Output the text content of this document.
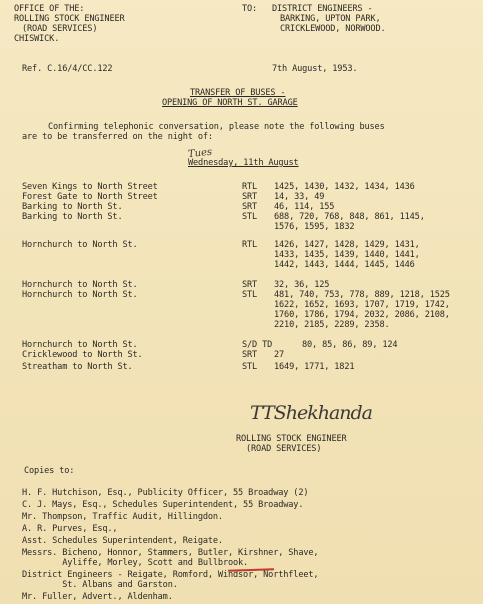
OFFICE OF THE:
ROLLING STOCK ENGINEER
(ROAD SERVICES)
CHISWICK.
TO: DISTRICT ENGINEERS -
BARKING, UPTON PARK,
CRICKLEWOOD, NORWOOD.
Ref. C.16/4/CC.122	7th August, 1953.
TRANSFER OF BUSES -
OPENING OF NORTH ST. GARAGE
Confirming telephonic conversation, please note the following buses
are to be transferred on the night of:
Tues
Wednesday, 11th August
Seven Kings to North Street	RTL 1425, 1430, 1432, 1434, 1436
Forest Gate to North Street	SRT 14, 33, 49
Barking to North St.	SRT 46, 114, 155
Barking to North St.	STL 688, 720, 768, 848, 861, 1145,
1576, 1595, 1832
Hornchurch to North St.	RTL 1426, 1427, 1428, 1429, 1431,
1433, 1435, 1439, 1440, 1441,
1442, 1443, 1444, 1445, 1446
Hornchurch to North St.	SRT 32, 36, 125
Hornchurch to North St.	STL 481, 740, 753, 778, 889, 1218, 1525
1622, 1652, 1693, 1707, 1719, 1742,
1760, 1786, 1794, 2032, 2086, 2108,
2210, 2185, 2289, 2358.
Hornchurch to North St.	S/D TD	80, 85, 86, 89, 124
Cricklewood to North St.	SRT 27
Streatham to North St.	STL 1649, 1771, 1821
TTShekhanda
ROLLING STOCK ENGINEER
(ROAD SERVICES)
Copies to:
H. F. Hutchison, Esq., Publicity Officer, 55 Broadway (2)
C. J. Mays, Esq., Schedules Superintendent, 55 Broadway.
Mr. Thompson, Traffic Audit, Hillingdon.
A. R. Purves, Esq.,
Asst. Schedules Superintendent, Reigate.
Messrs. Bicheno, Honnor, Stammers, Butler, Kirshner, Shave,
Ayliffe, Morley, Scott and Bullbrook.
District Engineers - Reigate, Romford, Windsor, Northfleet,
St. Albans and Garston.
Mr. Fuller, Advert., Aldenham.
